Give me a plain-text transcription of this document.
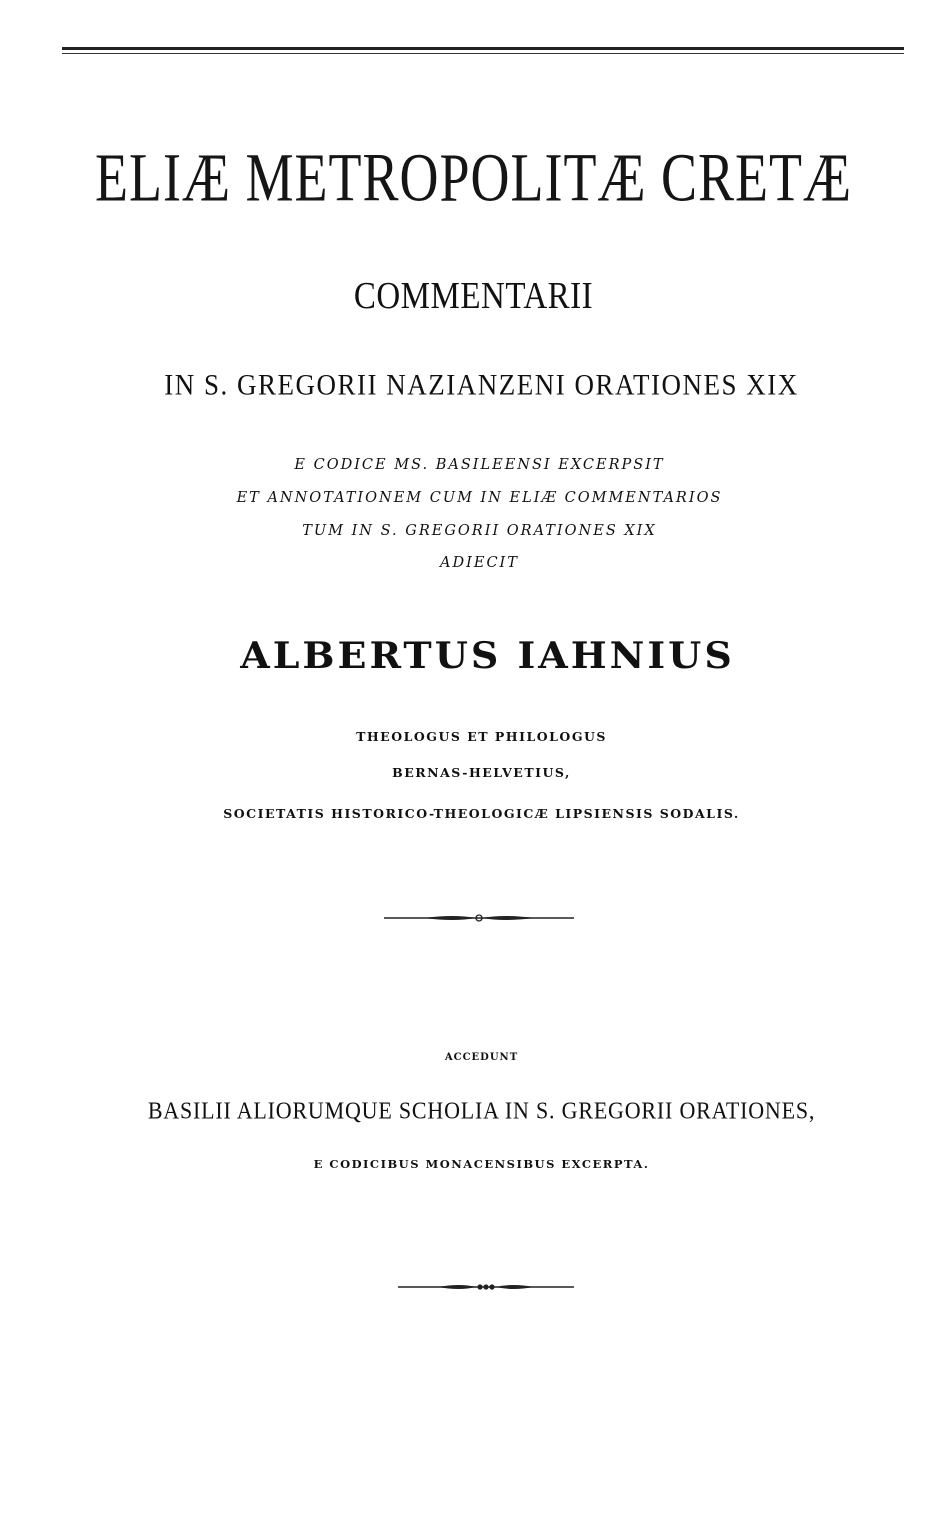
ELIÆ METROPOLITÆ CRETÆ
COMMENTARII
IN S. GREGORII NAZIANZENI ORATIONES XIX
E CODICE MS. BASILEENSI EXCERPSIT
ET ANNOTATIONEM CUM IN ELIÆ COMMENTARIOS
TUM IN S. GREGORII ORATIONES XIX
ADIECIT
ALBERTUS IAHNIUS
THEOLOGUS ET PHILOLOGUS
BERNAS-HELVETIUS,
SOCIETATIS HISTORICO-THEOLOGICÆ LIPSIENSIS SODALIS.
ACCEDUNT
BASILII ALIORUMQUE SCHOLIA IN S. GREGORII ORATIONES,
E CODICIBUS MONACENSIBUS EXCERPTA.
